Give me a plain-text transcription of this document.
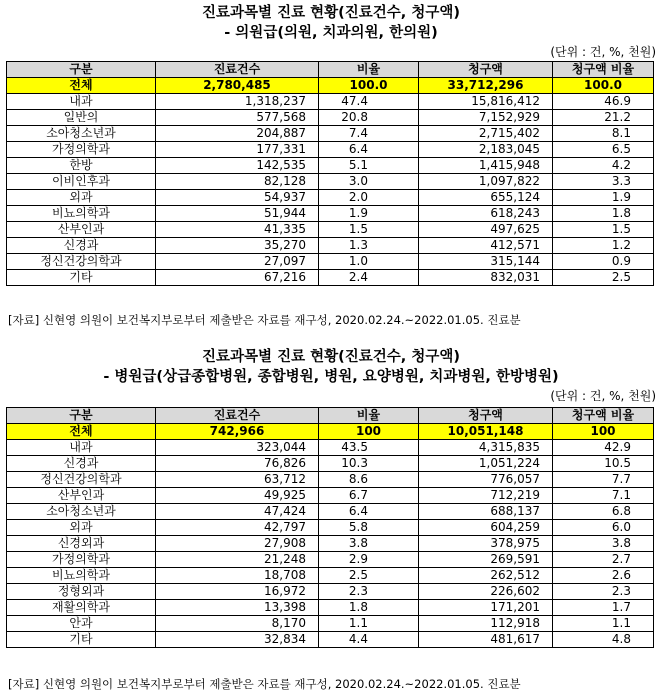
진료과목별 진료 현황(진료건수, 청구액)
- 의원급(의원, 치과의원, 한의원)
(단위 : 건, %, 천원)
구분	진료건수	비율	청구액	청구액 비율
전체	2,780,485	100.0	33,712,296	100.0
내과	1,318,237	47.4	15,816,412	46.9
일반의	577,568	20.8	7,152,929	21.2
소아청소년과	204,887	7.4	2,715,402	8.1
가정의학과	177,331	6.4	2,183,045	6.5
한방	142,535	5.1	1,415,948	4.2
이비인후과	82,128	3.0	1,097,822	3.3
외과	54,937	2.0	655,124	1.9
비뇨의학과	51,944	1.9	618,243	1.8
산부인과	41,335	1.5	497,625	1.5
신경과	35,270	1.3	412,571	1.2
정신건강의학과	27,097	1.0	315,144	0.9
기타	67,216	2.4	832,031	2.5
[자료] 신현영 의원이 보건복지부로부터 제출받은 자료를 재구성, 2020.02.24.~2022.01.05. 진료분
진료과목별 진료 현황(진료건수, 청구액)
- 병원급(상급종합병원, 종합병원, 병원, 요양병원, 치과병원, 한방병원)
(단위 : 건, %, 천원)
구분	진료건수	비율	청구액	청구액 비율
전체	742,966	100	10,051,148	100
내과	323,044	43.5	4,315,835	42.9
신경과	76,826	10.3	1,051,224	10.5
정신건강의학과	63,712	8.6	776,057	7.7
산부인과	49,925	6.7	712,219	7.1
소아청소년과	47,424	6.4	688,137	6.8
외과	42,797	5.8	604,259	6.0
신경외과	27,908	3.8	378,975	3.8
가정의학과	21,248	2.9	269,591	2.7
비뇨의학과	18,708	2.5	262,512	2.6
정형외과	16,972	2.3	226,602	2.3
재활의학과	13,398	1.8	171,201	1.7
안과	8,170	1.1	112,918	1.1
기타	32,834	4.4	481,617	4.8
[자료] 신현영 의원이 보건복지부로부터 제출받은 자료를 재구성, 2020.02.24.~2022.01.05. 진료분
